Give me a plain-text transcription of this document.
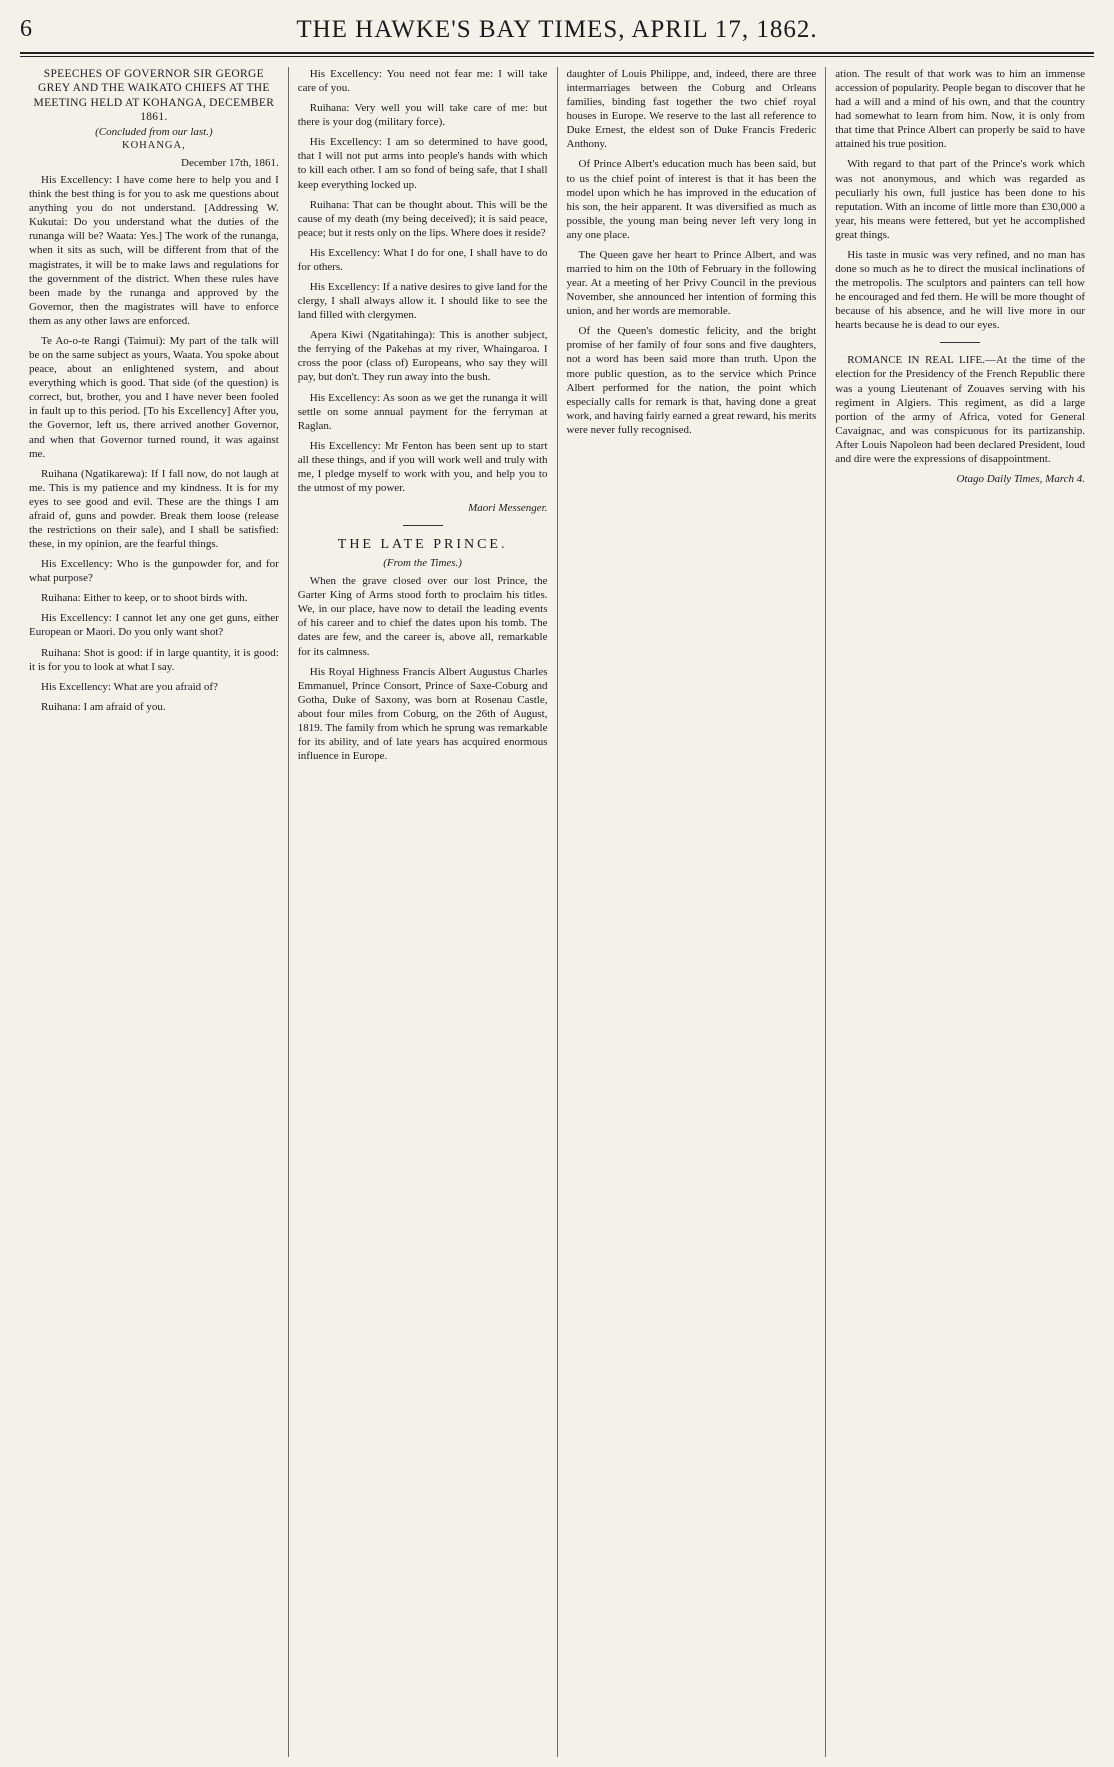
6	THE HAWKE'S BAY TIMES, APRIL 17, 1862.
SPEECHES OF GOVERNOR SIR GEORGE GREY AND THE WAIKATO CHIEFS AT THE MEETING HELD AT KOHANGA, DECEMBER 1861.
(Concluded from our last.)
KOHANGA,
December 17th, 1861.

His Excellency: I have come here to help you and I think the best thing is for you to ask me questions about anything you do not understand. [Addressing W. Kukutai: Do you understand what the duties of the runanga will be? Waata: Yes.] The work of the runanga, when it sits as such, will be different from that of the magistrates, it will be to make laws and regulations for the government of the district. When these rules have been made by the runanga and approved by the Governor, then the magistrates will have to enforce them as any other laws are enforced.

Te Ao-o-te Rangi (Taimui): My part of the talk will be on the same subject as yours, Waata. You spoke about peace, about an enlightened system, and about everything which is good. That side (of the question) is correct, but, brother, you and I have never been fooled in fault up to this period. [To his Excellency] After you, the Governor, left us, there arrived another Governor, and when that Governor turned round, it was against me.

Ruihana (Ngatikarewa): If I fall now, do not laugh at me. This is my patience and my kindness. It is for my eyes to see good and evil. These are the things I am afraid of, guns and powder. Break them loose (release the restrictions on their sale), and I shall be satisfied: these, in my opinion, are the fearful things.

His Excellency: Who is the gunpowder for, and for what purpose?

Ruihana: Either to keep, or to shoot birds with.

His Excellency: I cannot let any one get guns, either European or Maori. Do you only want shot?

Ruihana: Shot is good: if in large quantity, it is good: it is for you to look at what I say.

His Excellency: What are you afraid of?

Ruihana: I am afraid of you.

His Excellency: You need not fear me: I will take care of you.

Ruihana: Very well you will take care of me: but there is your dog (military force).

His Excellency: I am so determined to have good, that I will not put arms into people's hands with which to kill each other. I am so fond of being safe, that I shall keep everything locked up.

Ruihana: That can be thought about. This will be the cause of my death (my being deceived); it is said peace, peace; but it rests only on the lips. Where does it reside?

His Excellency: What I do for one, I shall have to do for others.

His Excellency: If a native desires to give land for the clergy, I shall always allow it. I should like to see the land filled with clergymen.

Apera Kiwi (Ngatitahinga): This is another subject, the ferrying of the Pakehas at my river, Whaingaroa. I cross the poor (class of) Europeans, who say they will pay, but don't. They run away into the bush.

His Excellency: As soon as we get the runanga it will settle on some annual payment for the ferryman at Raglan.

His Excellency: Mr Fenton has been sent up to start all these things, and if you will work well and truly with me, I pledge myself to work with you, and help you to the utmost of my power.

Maori Messenger.
THE LATE PRINCE.
(From the Times.)

When the grave closed over our lost Prince, the Garter King of Arms stood forth to proclaim his titles. We, in our place, have now to detail the leading events of his career and to chief the dates upon his tomb. The dates are few, and the career is, above all, remarkable for its calmness.

His Royal Highness Francis Albert Augustus Charles Emmanuel, Prince Consort, Prince of Saxe-Coburg and Gotha, Duke of Saxony, was born at Rosenau Castle, about four miles from Coburg, on the 26th of August, 1819. The family from which he sprung was remarkable for its ability, and of late years has acquired enormous influence in Europe.

daughter of Louis Philippe, and, indeed, there are three intermarriages between the Coburg and Orleans families, binding fast together the two chief royal houses in Europe. We reserve to the last all reference to Duke Ernest, the eldest son of Duke Francis Frederic Anthony.

Of Prince Albert's education much has been said, but to us the chief point of interest is that it has been the model upon which he has improved in the education of his son, the heir apparent. It was diversified as much as possible, the young man being never left very long in any one place.

The Queen gave her heart to Prince Albert, and was married to him on the 10th of February in the following year. At a meeting of her Privy Council in the previous November, she announced her intention of forming this union, and her words are memorable.

Of the Queen's domestic felicity, and the bright promise of her family of four sons and five daughters, not a word has been said more than truth. Upon the more public question, as to the service which Prince Albert performed for the nation, the point which especially calls for remark is that, having done a great work, and having fairly earned a great reward, his merits were never fully recognised.

ation. The result of that work was to him an immense accession of popularity. People began to discover that he had a will and a mind of his own, and that the country had somewhat to learn from him. Now, it is only from that time that Prince Albert can properly be said to have attained his true position.

With regard to that part of the Prince's work which was not anonymous, and which was regarded as peculiarly his own, full justice has been done to his reputation. With an income of little more than £30,000 a year, his means were fettered, but yet he accomplished great things.

His taste in music was very refined, and no man has done so much as he to direct the musical inclinations of the metropolis. The sculptors and painters can tell how he encouraged and fed them. He will be more thought of because of his absence, and he will live more in our hearts because he is dead to our eyes.

ROMANCE IN REAL LIFE.—At the time of the election for the Presidency of the French Republic there was a young Lieutenant of Zouaves serving with his regiment in Algiers. This regiment, as did a large portion of the army of Africa, voted for General Cavaignac, and was conspicuous for its partizanship. After Louis Napoleon had been declared President, loud and dire were the expressions of disappointment.

Otago Daily Times, March 4.
